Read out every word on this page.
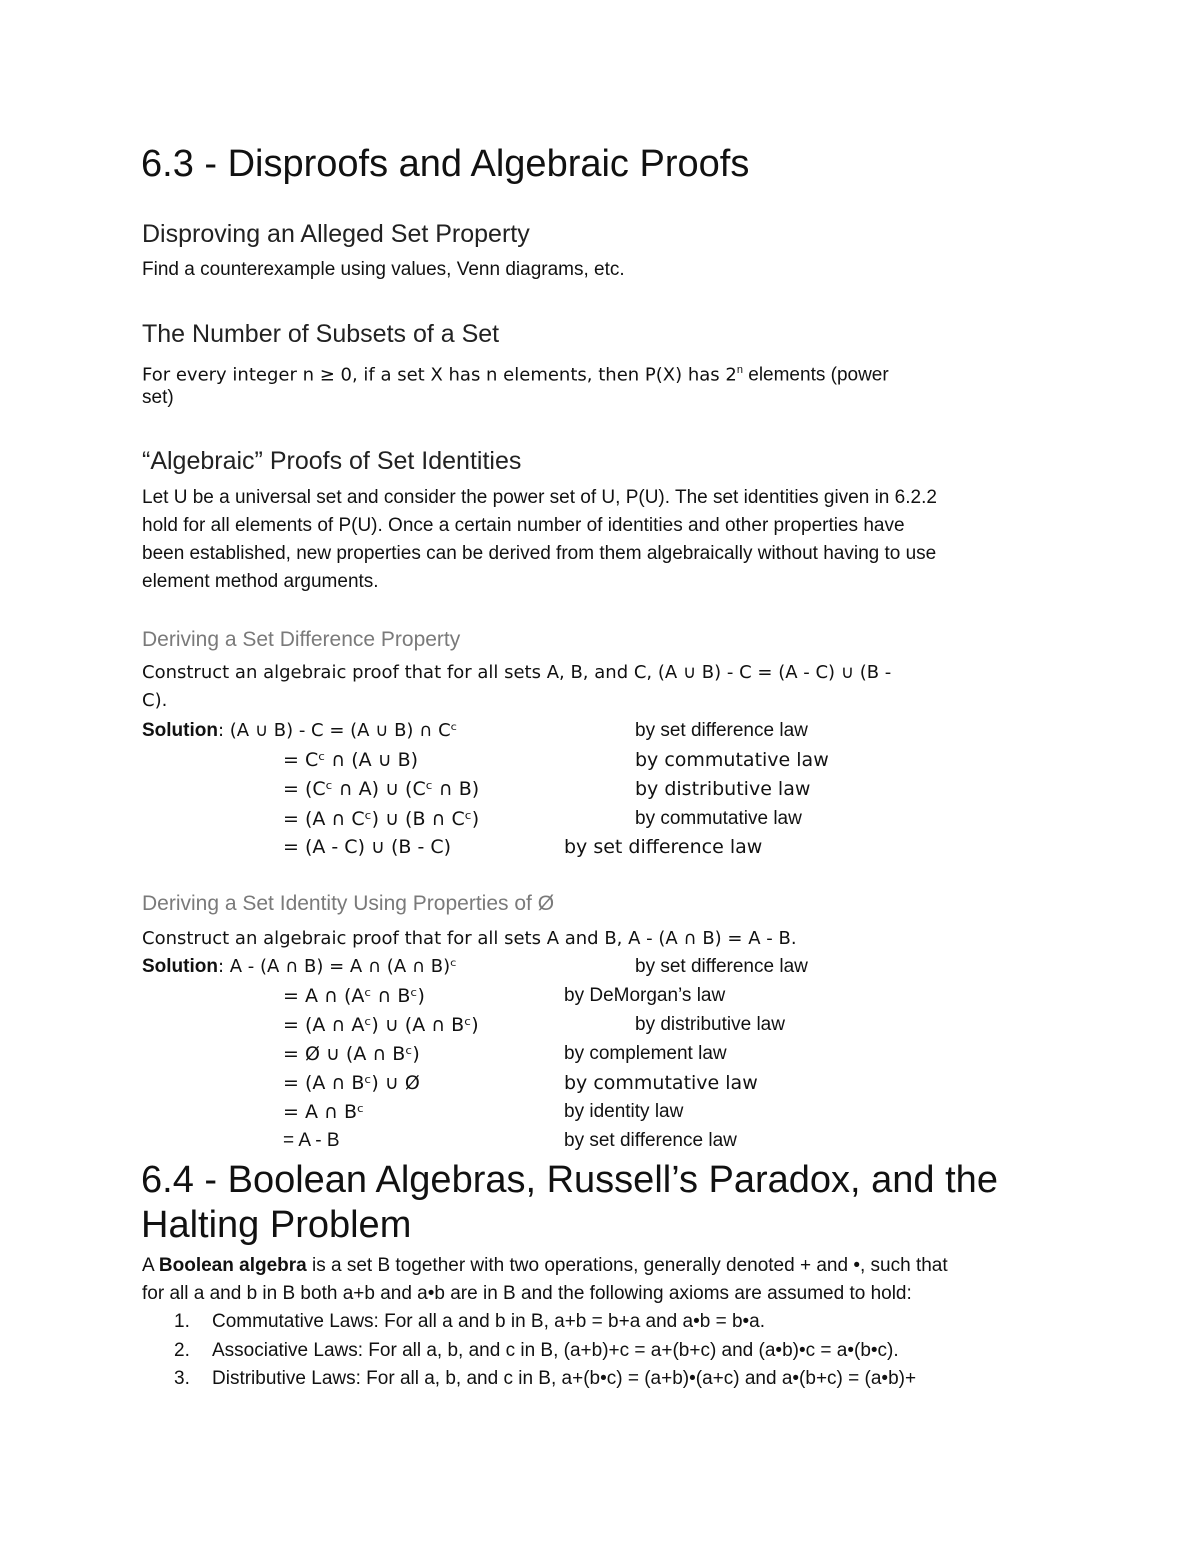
6.3 - Disproofs and Algebraic Proofs
Disproving an Alleged Set Property
Find a counterexample using values, Venn diagrams, etc.
The Number of Subsets of a Set
For every integer n ≥ 0, if a set X has n elements, then P(X) has 2$^n$ elements (power
set)
“Algebraic” Proofs of Set Identities
Let U be a universal set and consider the power set of U, P(U). The set identities given in 6.2.2
hold for all elements of P(U). Once a certain number of identities and other properties have
been established, new properties can be derived from them algebraically without having to use
element method arguments.
Deriving a Set Difference Property
Construct an algebraic proof that for all sets A, B, and C, (A ∪ B) - C = (A - C) ∪ (B -
C).
Solution: (A ∪ B) - C = (A ∪ B) ∩ Cᶜ	by set difference law
= Cᶜ ∩ (A ∪ B)	by commutative law
= (Cᶜ ∩ A) ∪ (Cᶜ ∩ B)	by distributive law
= (A ∩ Cᶜ) ∪ (B ∩ Cᶜ)	by commutative law
= (A - C) ∪ (B - C)	by set difference law
Deriving a Set Identity Using Properties of Ø
Construct an algebraic proof that for all sets A and B, A - (A ∩ B) = A - B.
Solution: A - (A ∩ B) = A ∩ (A ∩ B)ᶜ	by set difference law
= A ∩ (Aᶜ ∩ Bᶜ)	by DeMorgan’s law
= (A ∩ Aᶜ) ∪ (A ∩ Bᶜ)	by distributive law
= Ø ∪ (A ∩ Bᶜ)	by complement law
= (A ∩ Bᶜ) ∪ Ø	by commutative law
= A ∩ Bᶜ	by identity law
= A - B	by set difference law
6.4 - Boolean Algebras, Russell’s Paradox, and the
Halting Problem
A Boolean algebra is a set B together with two operations, generally denoted + and •, such that
for all a and b in B both a+b and a•b are in B and the following axioms are assumed to hold:
1.	Commutative Laws: For all a and b in B, a+b = b+a and a•b = b•a.
2.	Associative Laws: For all a, b, and c in B, (a+b)+c = a+(b+c) and (a•b)•c = a•(b•c).
3.	Distributive Laws: For all a, b, and c in B, a+(b•c) = (a+b)•(a+c) and a•(b+c) = (a•b)+
